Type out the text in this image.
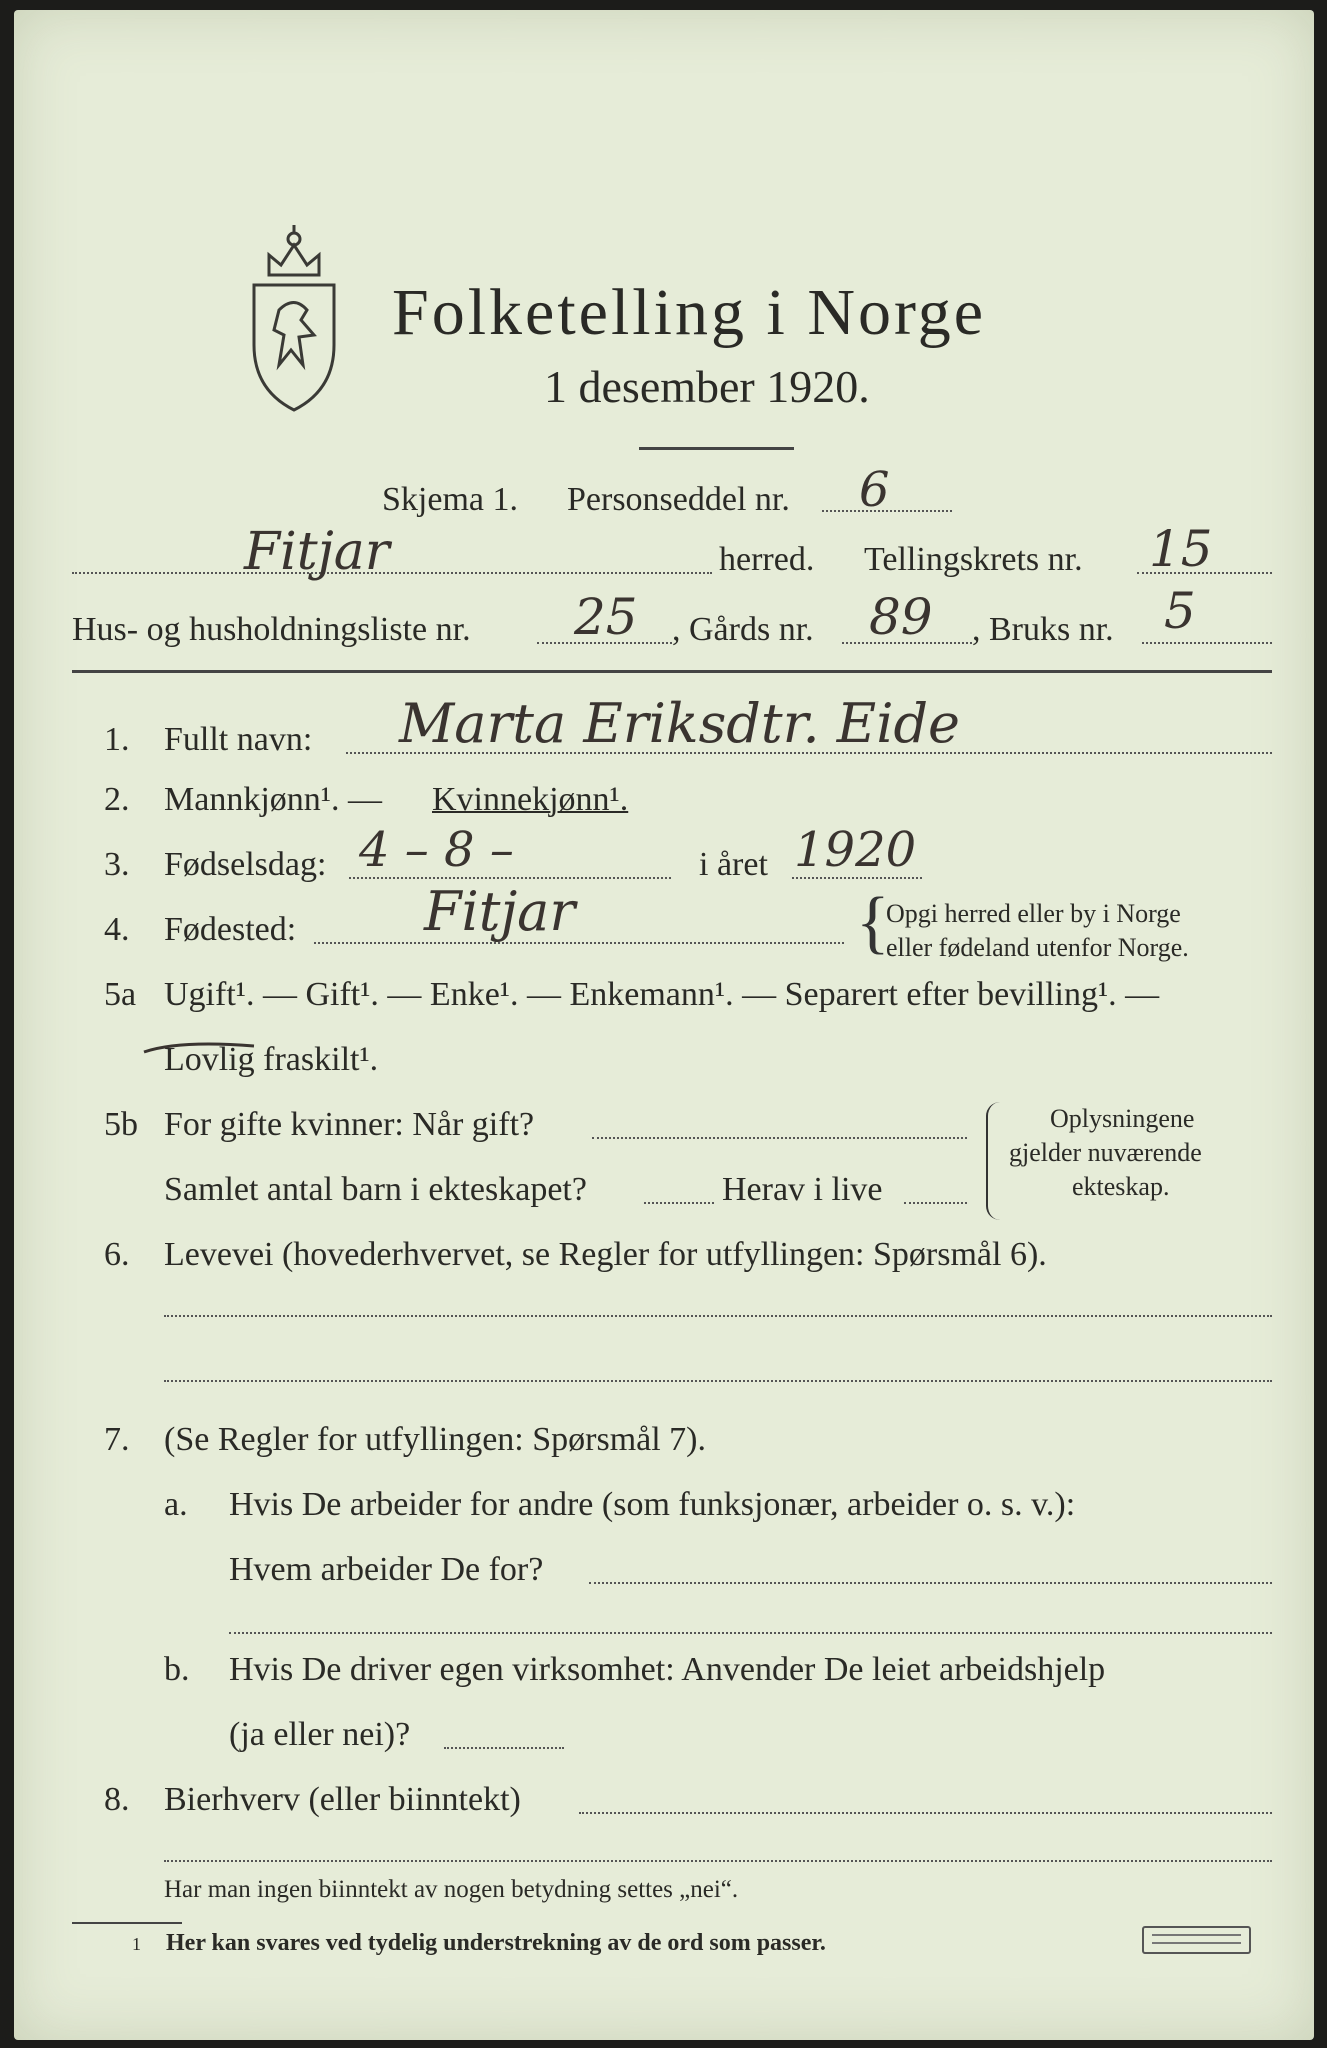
Folketelling i Norge
1 desember 1920.
Skjema 1. Personseddel nr. 6
Fitjar	herred. Tellingskrets nr. 15
Hus- og husholdningsliste nr. 25 , Gårds nr. 89 , Bruks nr. 5
1. Fullt navn: Marta Eriksdtr. Eide
2. Mannkjønn¹. — Kvinnekjønn¹.
3. Fødselsdag: 4 – 8 –	i året 1920
4. Fødested: Fitjar	{
Opgi herred eller by i Norge
eller fødeland utenfor Norge.
5a Ugift¹. — Gift¹. — Enke¹. — Enkemann¹. — Separert efter bevilling¹. —
Lovlig fraskilt¹.
5b For gifte kvinner: Når gift?
Samlet antal barn i ekteskapet?	Herav i live
Oplysningene
gjelder nuværende
ekteskap.
6. Levevei (hovederhvervet, se Regler for utfyllingen: Spørsmål 6).
7. (Se Regler for utfyllingen: Spørsmål 7).
a. Hvis De arbeider for andre (som funksjonær, arbeider o. s. v.):
Hvem arbeider De for?
b. Hvis De driver egen virksomhet: Anvender De leiet arbeidshjelp
(ja eller nei)?
8. Bierhverv (eller biinntekt)
Har man ingen biinntekt av nogen betydning settes „nei“.
1 Her kan svares ved tydelig understrekning av de ord som passer.
